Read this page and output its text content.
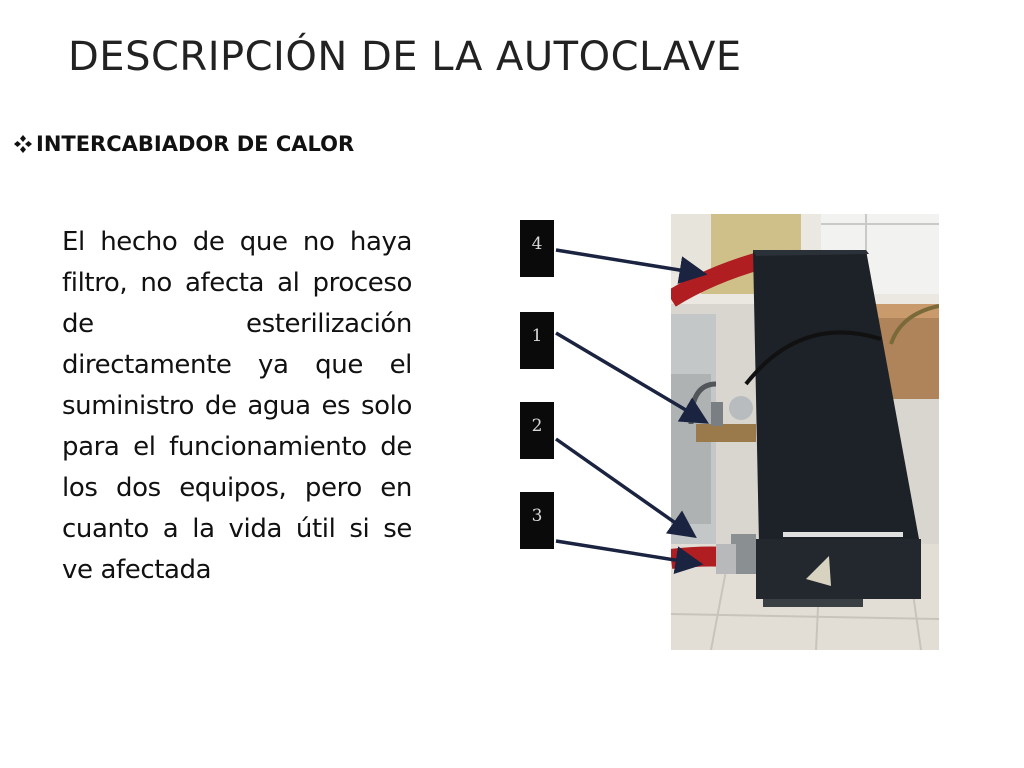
DESCRIPCIÓN DE LA AUTOCLAVE
INTERCABIADOR DE CALOR
El hecho de que no haya filtro, no afecta al proceso de esterilización directamente ya que el suministro de agua es solo para el funcionamiento de los dos equipos, pero en cuanto a la vida útil si se ve afectada
4
1
2
3
